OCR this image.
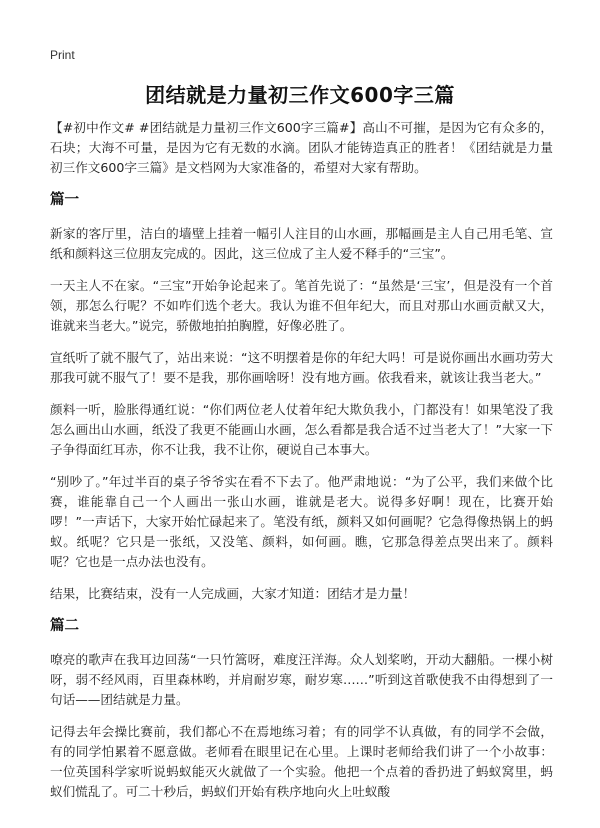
Print
团结就是力量初三作文600字三篇

【#初中作文# #团结就是力量初三作文600字三篇#】高山不可摧，是因为它有众多的，石块；大海不可量，是因为它有无数的水滴。团队才能铸造真正的胜者！《团结就是力量初三作文600字三篇》是文档网为大家准备的，希望对大家有帮助。

篇一

新家的客厅里，洁白的墙壁上挂着一幅引人注目的山水画，那幅画是主人自己用毛笔、宣纸和颜料这三位朋友完成的。因此，这三位成了主人爱不释手的“三宝”。

一天主人不在家。“三宝”开始争论起来了。笔首先说了：“虽然是‘三宝’，但是没有一个首领，那怎么行呢？不如咋们选个老大。我认为谁不但年纪大，而且对那山水画贡献又大，谁就来当老大。”说完，骄傲地拍拍胸膛，好像必胜了。

宣纸听了就不服气了，站出来说：“这不明摆着是你的年纪大吗！可是说你画出水画功劳大那我可就不服气了！要不是我，那你画啥呀！没有地方画。依我看来，就该让我当老大。”

颜料一听，脸胀得通红说：“你们两位老人仗着年纪大欺负我小，门都没有！如果笔没了我怎么画出山水画，纸没了我更不能画山水画，怎么看都是我合适不过当老大了！”大家一下子争得面红耳赤，你不让我，我不让你，硬说自己本事大。

“别吵了。”年过半百的桌子爷爷实在看不下去了。他严肃地说：“为了公平，我们来做个比赛，谁能靠自己一个人画出一张山水画，谁就是老大。说得多好啊！现在，比赛开始啰！”一声话下，大家开始忙碌起来了。笔没有纸，颜料又如何画呢？它急得像热锅上的蚂蚁。纸呢？它只是一张纸，又没笔、颜料，如何画。瞧，它那急得差点哭出来了。颜料呢？它也是一点办法也没有。

结果，比赛结束，没有一人完成画，大家才知道：团结才是力量！

篇二

嘹亮的歌声在我耳边回荡“一只竹篙呀，难度汪洋海。众人划桨哟，开动大翻船。一棵小树呀，弱不经风雨，百里森林哟，并肩耐岁寒，耐岁寒……”听到这首歌使我不由得想到了一句话——团结就是力量。

记得去年会操比赛前，我们都心不在焉地练习着；有的同学不认真做，有的同学不会做，有的同学怕累着不愿意做。老师看在眼里记在心里。上课时老师给我们讲了一个小故事：一位英国科学家听说蚂蚁能灭火就做了一个实验。他把一个点着的香扔进了蚂蚁窝里，蚂蚁们慌乱了。可二十秒后，蚂蚁们开始有秩序地向火上吐蚁酸
